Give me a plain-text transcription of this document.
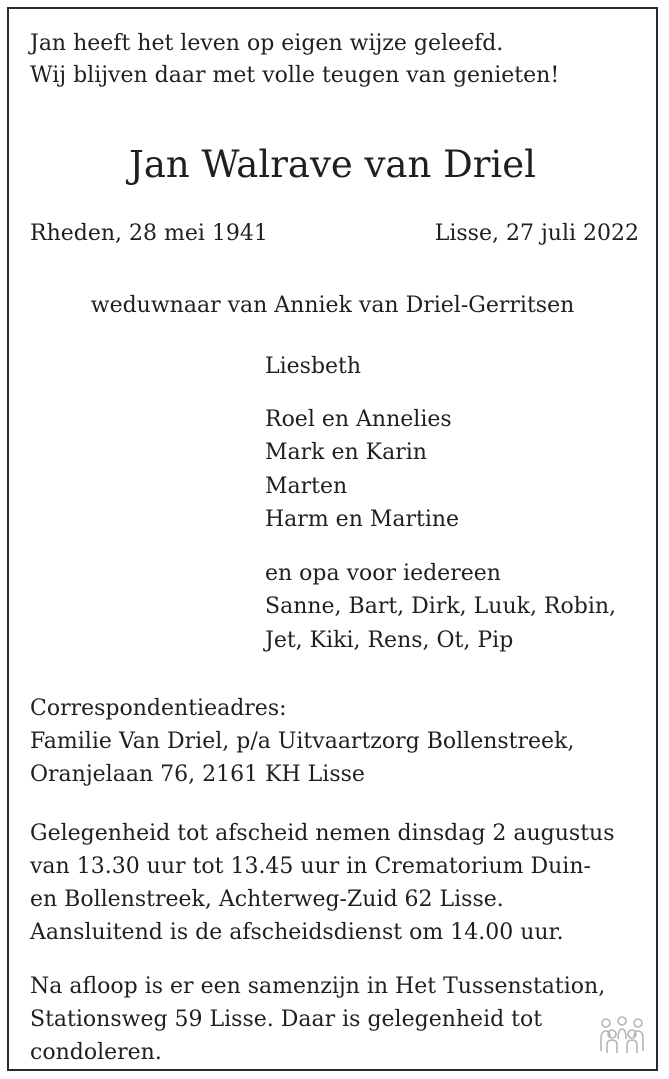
Jan heeft het leven op eigen wijze geleefd.
Wij blijven daar met volle teugen van genieten!
Jan Walrave van Driel
Rheden, 28 mei 1941	Lisse, 27 juli 2022
weduwnaar van Anniek van Driel-Gerritsen
Liesbeth
Roel en Annelies
Mark en Karin
Marten
Harm en Martine
en opa voor iedereen
Sanne, Bart, Dirk, Luuk, Robin,
Jet, Kiki, Rens, Ot, Pip
Correspondentieadres:
Familie Van Driel, p/a Uitvaartzorg Bollenstreek,
Oranjelaan 76, 2161 KH Lisse
Gelegenheid tot afscheid nemen dinsdag 2 augustus
van 13.30 uur tot 13.45 uur in Crematorium Duin-
en Bollenstreek, Achterweg-Zuid 62 Lisse.
Aansluitend is de afscheidsdienst om 14.00 uur.
Na afloop is er een samenzijn in Het Tussenstation,
Stationsweg 59 Lisse. Daar is gelegenheid tot
condoleren.
